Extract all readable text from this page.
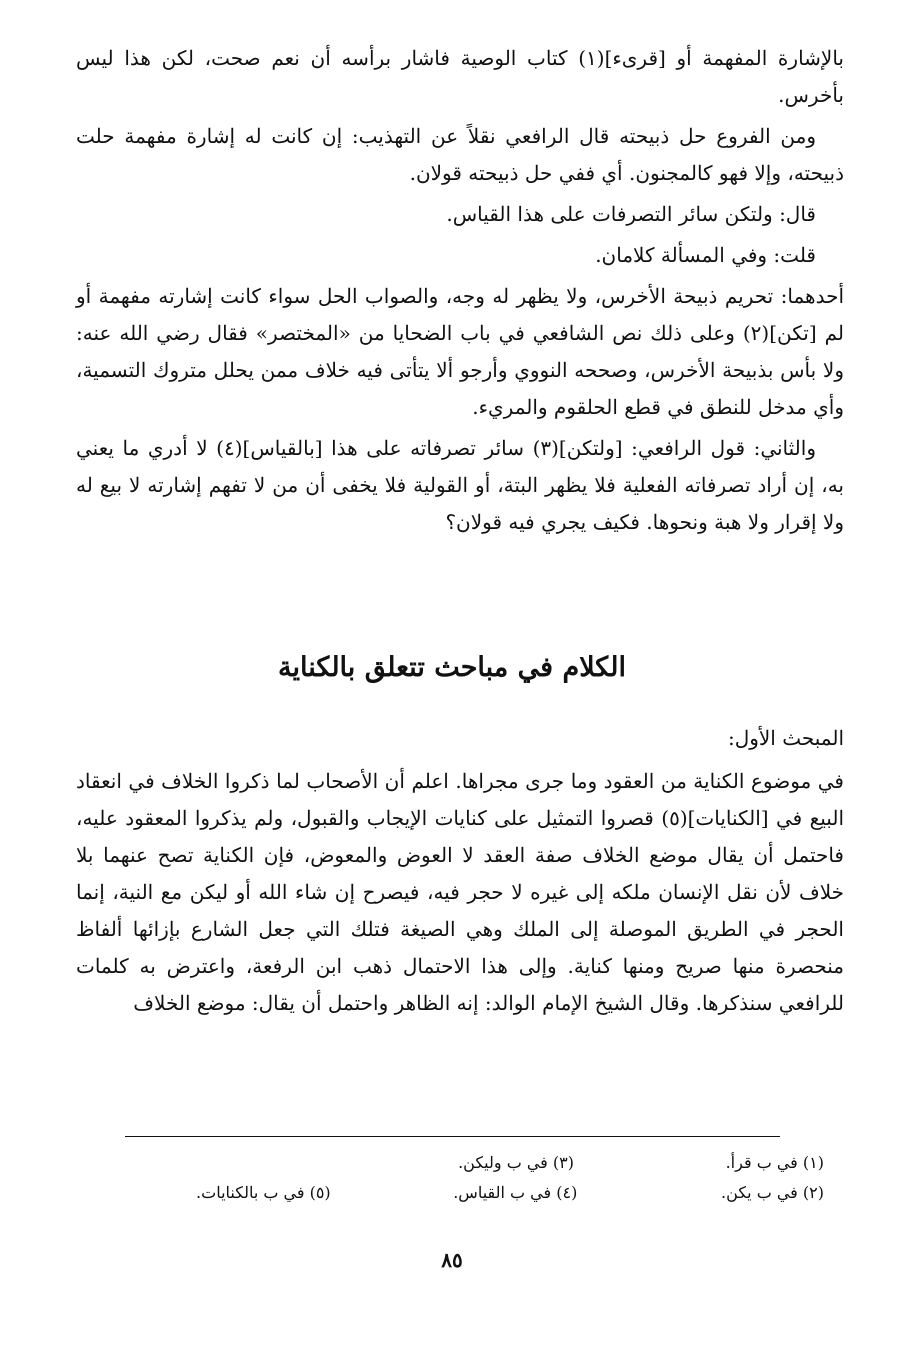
بالإشارة المفهمة أو [قرىء](١) كتاب الوصية فاشار برأسه أن نعم صحت، لكن هذا ليس بأخرس.

ومن الفروع حل ذبيحته قال الرافعي نقلاً عن التهذيب: إن كانت له إشارة مفهمة حلت ذبيحته، وإلا فهو كالمجنون. أي ففي حل ذبيحته قولان.

قال: ولتكن سائر التصرفات على هذا القياس.

قلت: وفي المسألة كلامان.

أحدهما: تحريم ذبيحة الأخرس، ولا يظهر له وجه، والصواب الحل سواء كانت إشارته مفهمة أو لم [تكن](٢) وعلى ذلك نص الشافعي في باب الضحايا من «المختصر» فقال رضي الله عنه: ولا بأس بذبيحة الأخرس، وصححه النووي وأرجو ألا يتأتى فيه خلاف ممن يحلل متروك التسمية، وأي مدخل للنطق في قطع الحلقوم والمريء.

والثاني: قول الرافعي: [ولتكن](٣) سائر تصرفاته على هذا [بالقياس](٤) لا أدري ما يعني به، إن أراد تصرفاته الفعلية فلا يظهر البتة، أو القولية فلا يخفى أن من لا تفهم إشارته لا بيع له ولا إقرار ولا هبة ونحوها. فكيف يجري فيه قولان؟

الكلام في مباحث تتعلق بالكناية

المبحث الأول:

في موضوع الكناية من العقود وما جرى مجراها. اعلم أن الأصحاب لما ذكروا الخلاف في انعقاد البيع في [الكنايات](٥) قصروا التمثيل على كنايات الإيجاب والقبول، ولم يذكروا المعقود عليه، فاحتمل أن يقال موضع الخلاف صفة العقد لا العوض والمعوض، فإن الكناية تصح عنهما بلا خلاف لأن نقل الإنسان ملكه إلى غيره لا حجر فيه، فيصرح إن شاء الله أو ليكن مع النية، إنما الحجر في الطريق الموصلة إلى الملك وهي الصيغة فتلك التي جعل الشارع بإزائها ألفاظ منحصرة منها صريح ومنها كناية. وإلى هذا الاحتمال ذهب ابن الرفعة، واعترض به كلمات للرافعي سنذكرها. وقال الشيخ الإمام الوالد: إنه الظاهر واحتمل أن يقال: موضع الخلاف

(١) في ب قرأ.
(٣) في ب وليكن.
(٢) في ب يكن.
(٤) في ب القياس.
(٥) في ب بالكنايات.
٨٥
